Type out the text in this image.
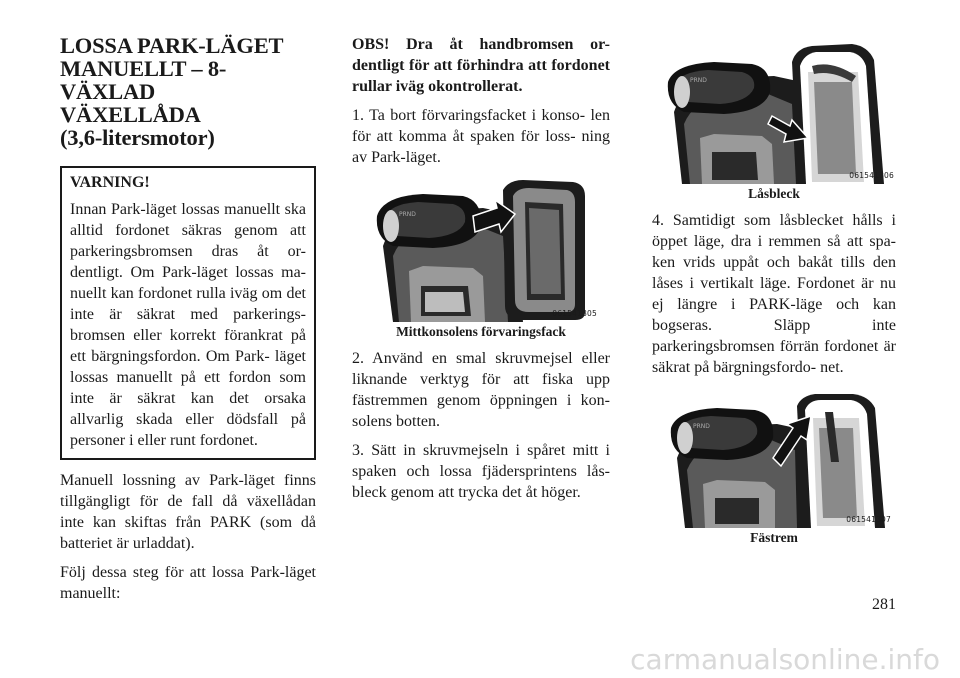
LOSSA PARK-LÄGET
MANUELLT – 8-VÄXLAD
VÄXELLÅDA
(3,6-litersmotor)
VARNING!

Innan Park-läget lossas manuellt ska alltid fordonet säkras genom att parkeringsbromsen dras åt or- dentligt. Om Park-läget lossas ma- nuellt kan fordonet rulla iväg om det inte är säkrat med parkerings- bromsen eller korrekt förankrat på ett bärgningsfordon. Om Park- läget lossas manuellt på ett fordon som inte är säkrat kan det orsaka allvarlig skada eller dödsfall på personer i eller runt fordonet.

Manuell lossning av Park-läget finns tillgängligt för de fall då växellådan inte kan skiftas från PARK (som då batteriet är urladdat).

Följ dessa steg för att lossa Park-läget manuellt:

OBS! Dra åt handbromsen or- dentligt för att förhindra att fordonet rullar iväg okontrollerat.

1. Ta bort förvaringsfacket i konso- len för att komma åt spaken för loss- ning av Park-läget.

PRND
061541305
Mittkonsolens förvaringsfack

2. Använd en smal skruvmejsel eller liknande verktyg för att fiska upp fästremmen genom öppningen i kon- solens botten.

3. Sätt in skruvmejseln i spåret mitt i spaken och lossa fjädersprintens lås- bleck genom att trycka det åt höger.

PRND
061541306
Låsbleck

4. Samtidigt som låsblecket hålls i öppet läge, dra i remmen så att spa- ken vrids uppåt och bakåt tills den låses i vertikalt läge. Fordonet är nu ej längre i PARK-läge och kan bogseras. Släpp inte parkeringsbromsen förrän fordonet är säkrat på bärgningsfordo- net.

PRND
061541307
Fästrem
281
carmanualsonline.info
